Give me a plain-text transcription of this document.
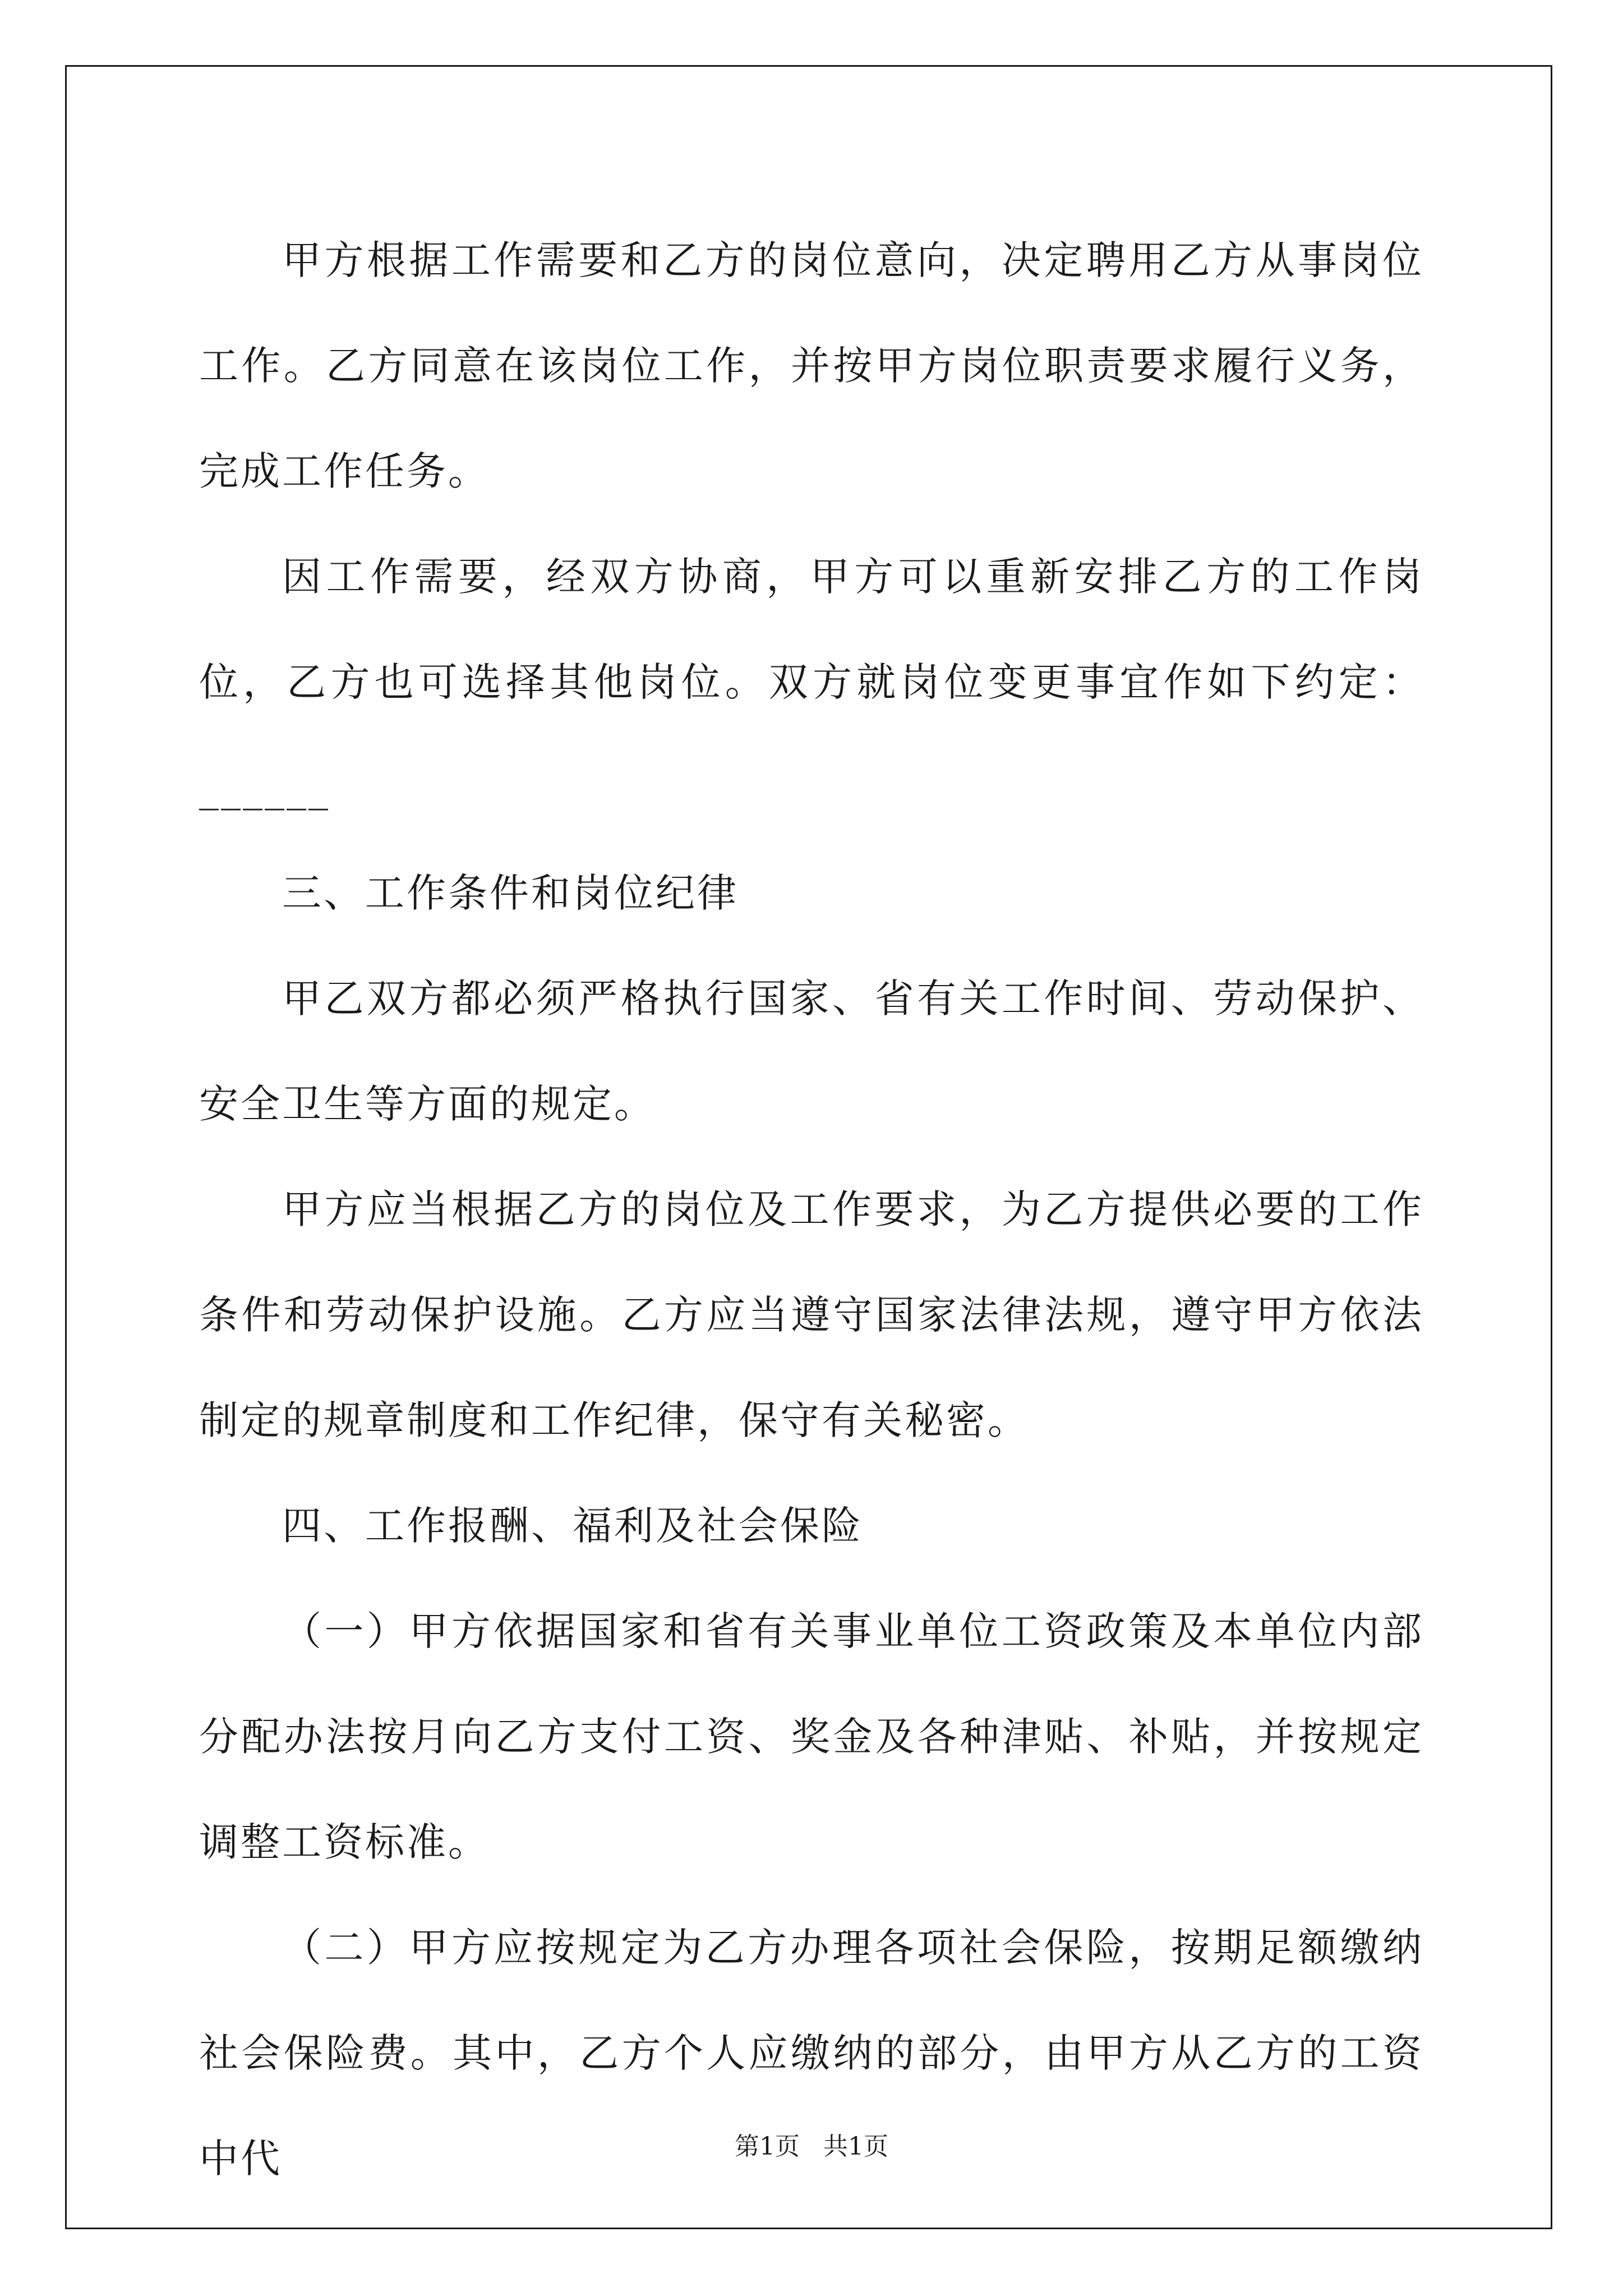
甲方根据工作需要和乙方的岗位意向，决定聘用乙方从事岗位工作。乙方同意在该岗位工作，并按甲方岗位职责要求履行义务，完成工作任务。

因工作需要，经双方协商，甲方可以重新安排乙方的工作岗位，乙方也可选择其他岗位。双方就岗位变更事宜作如下约定：______

三、工作条件和岗位纪律

甲乙双方都必须严格执行国家、省有关工作时间、劳动保护、安全卫生等方面的规定。

甲方应当根据乙方的岗位及工作要求，为乙方提供必要的工作条件和劳动保护设施。乙方应当遵守国家法律法规，遵守甲方依法制定的规章制度和工作纪律，保守有关秘密。

四、工作报酬、福利及社会保险

（一）甲方依据国家和省有关事业单位工资政策及本单位内部分配办法按月向乙方支付工资、奖金及各种津贴、补贴，并按规定调整工资标准。

（二）甲方应按规定为乙方办理各项社会保险，按期足额缴纳社会保险费。其中，乙方个人应缴纳的部分，由甲方从乙方的工资中代	第1页 共1页
